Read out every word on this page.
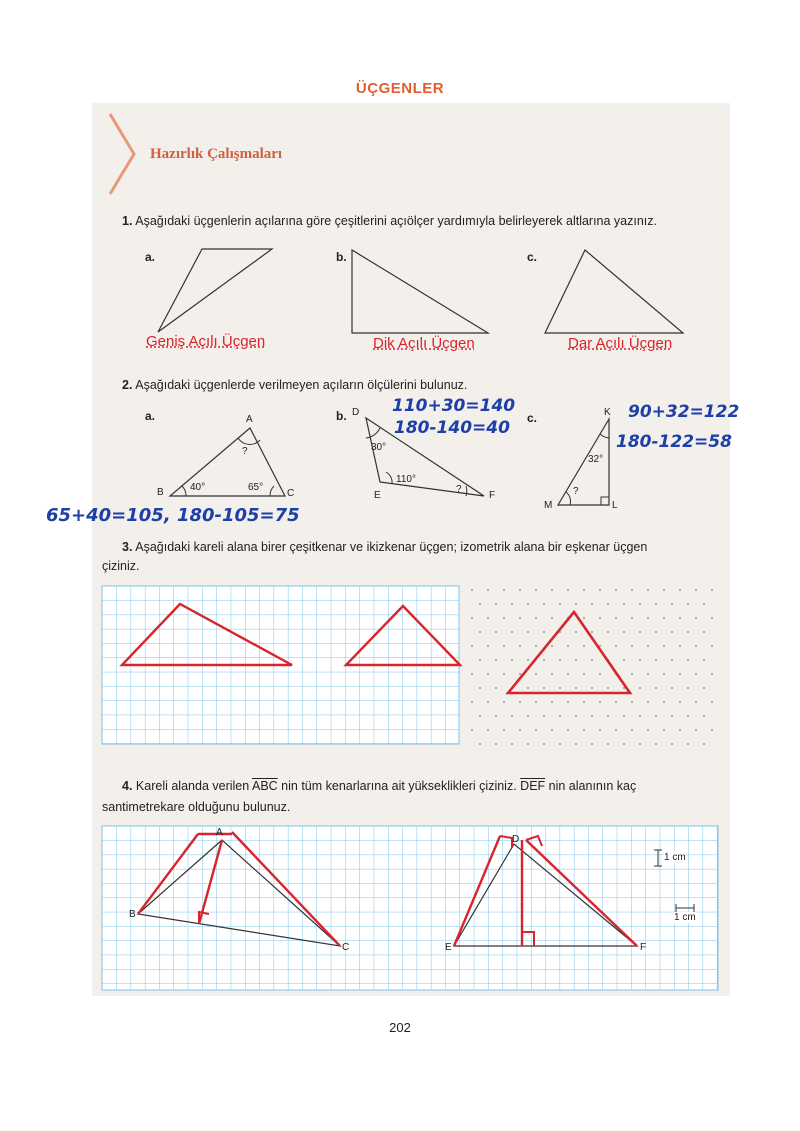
ÜÇGENLER
Hazırlık Çalışmaları
1. Aşağıdaki üçgenlerin açılarına göre çeşitlerini açıölçer yardımıyla belirleyerek altlarına yazınız.
a.	b.	c.
Geniş Açılı Üçgen	Dik Açılı Üçgen	Dar Açılı Üçgen
2. Aşağıdaki üçgenlerde verilmeyen açıların ölçülerini bulunuz.
a.	b.	c.
A
B	C
40°	65°
?
65+40=105, 180-105=75
D
E	F
30°
110°
?
110+30=140
180-140=40
K
L
M
32°
?
90+32=122
180-122=58
3. Aşağıdaki kareli alana birer çeşitkenar ve ikizkenar üçgen; izometrik alana bir eşkenar üçgen
çiziniz.
4. Kareli alanda verilen $\overline{ABC}$ nin tüm kenarlarına ait yükseklikleri çiziniz. $\overline{DEF}$ nin alanının kaç
santimetrekare olduğunu bulunuz.
A
B
C
D
E	F
1 cm
1 cm
202
